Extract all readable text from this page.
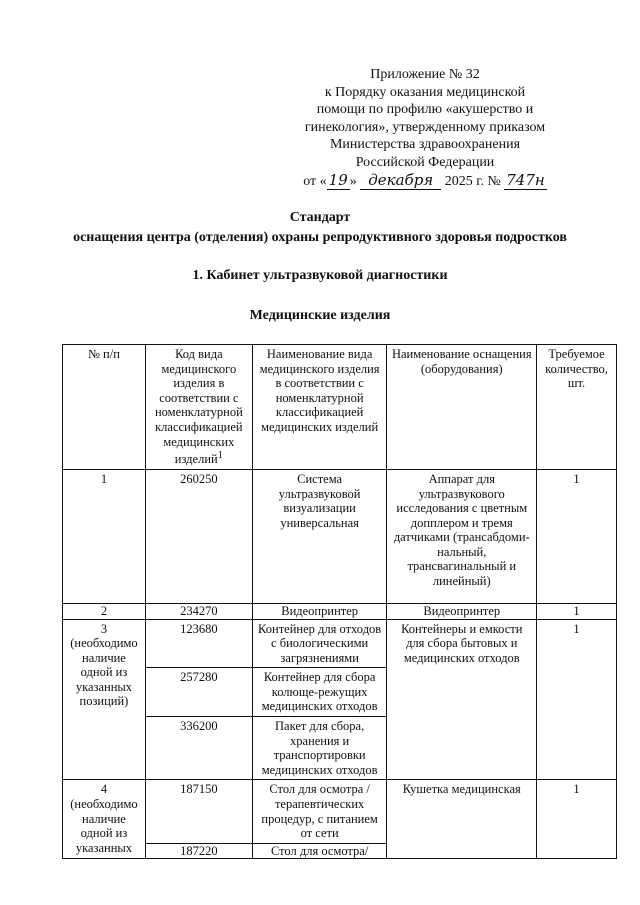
Приложение № 32
к Порядку оказания медицинской
помощи по профилю «акушерство и
гинекология», утвержденному приказом
Министерства здравоохранения
Российской Федерации
от « 19 » декабря 2025 г. № 747н
Стандарт
оснащения центра (отделения) охраны репродуктивного здоровья подростков
1. Кабинет ультразвуковой диагностики
Медицинские изделия
№ п/п	Код вида медицинского изделия в соответствии с номенклатурной классификацией медицинских изделий$^1$	Наименование вида медицинского изделия в соответствии с номенклатурной классификацией медицинских изделий	Наименование оснащения (оборудования)	Требуемое количество, шт.
1	260250	Система ультразвуковой визуализации универсальная	Аппарат для ультразвукового исследования с цветным допплером и тремя датчиками (трансабдоми-нальный, трансвагинальный и линейный)	1
2	234270	Видеопринтер	Видеопринтер	1
3 (необходимо наличие одной из указанных позиций)	123680	Контейнер для отходов с биологическими загрязнениями	Контейнеры и емкости для сбора бытовых и медицинских отходов	1
	257280	Контейнер для сбора колюще-режущих медицинских отходов		
	336200	Пакет для сбора, хранения и транспортировки медицинских отходов		
4 (необходимо наличие одной из указанных	187150	Стол для осмотра /терапевтических процедур, с питанием от сети	Кушетка медицинская	1
	187220	Стол для осмотра/		
